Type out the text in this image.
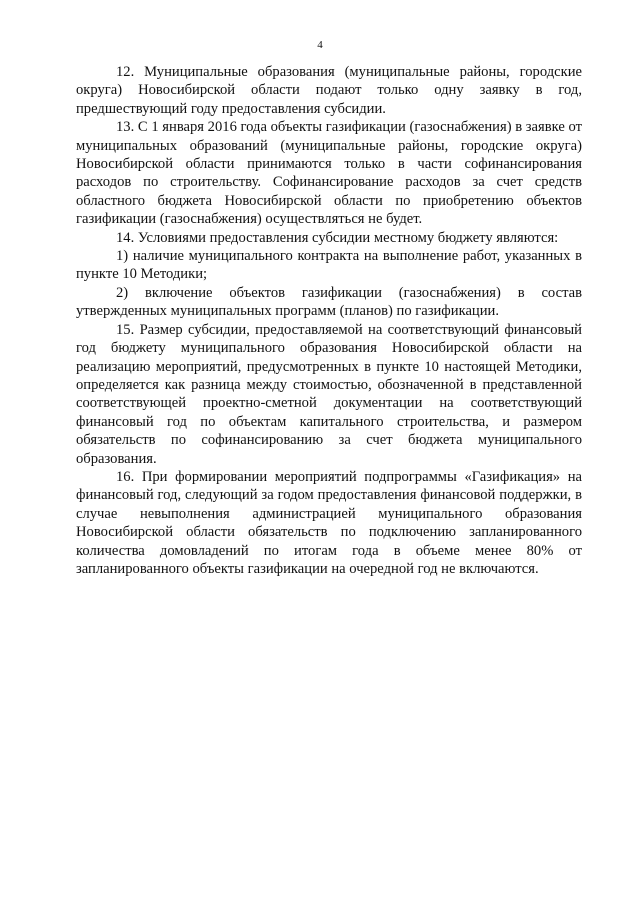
4

12. Муниципальные образования (муниципальные районы, городские округа) Новосибирской области подают только одну заявку в год, предшествующий году предоставления субсидии.

13. С 1 января 2016 года объекты газификации (газоснабжения) в заявке от муниципальных образований (муниципальные районы, городские округа) Новосибирской области принимаются только в части софинансирования расходов по строительству. Софинансирование расходов за счет средств областного бюджета Новосибирской области по приобретению объектов газификации (газоснабжения) осуществляться не будет.

14. Условиями предоставления субсидии местному бюджету являются:

1) наличие муниципального контракта на выполнение работ, указанных в пункте 10 Методики;

2) включение объектов газификации (газоснабжения) в состав утвержденных муниципальных программ (планов) по газификации.

15. Размер субсидии, предоставляемой на соответствующий финансовый год бюджету муниципального образования Новосибирской области на реализацию мероприятий, предусмотренных в пункте 10 настоящей Методики, определяется как разница между стоимостью, обозначенной в представленной соответствующей проектно-сметной документации на соответствующий финансовый год по объектам капитального строительства, и размером обязательств по софинансированию за счет бюджета муниципального образования.

16. При формировании мероприятий подпрограммы «Газификация» на финансовый год, следующий за годом предоставления финансовой поддержки, в случае невыполнения администрацией муниципального образования Новосибирской области обязательств по подключению запланированного количества домовладений по итогам года в объеме менее 80% от запланированного объекты газификации на очередной год не включаются.
